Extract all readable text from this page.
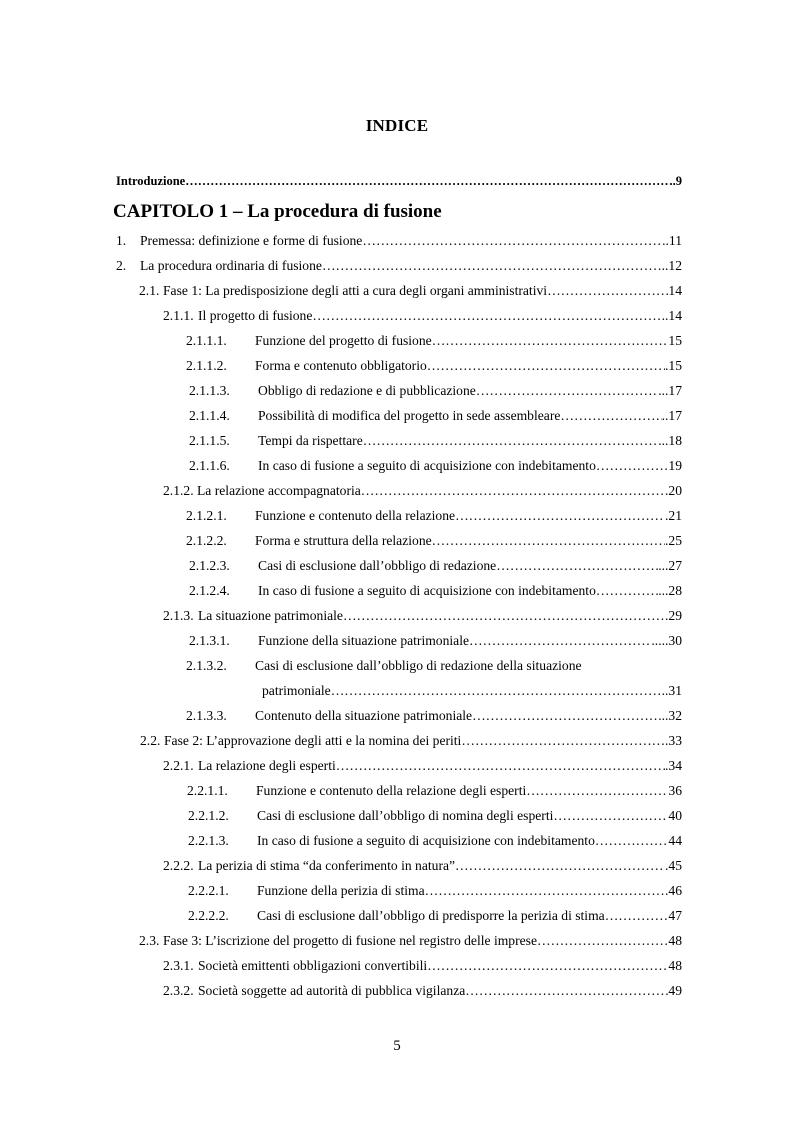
INDICE
Introduzione ……………………………………………………………………………………………………………………………………………………………………………	..9
CAPITOLO 1 – La procedura di fusione
1.	Premessa: definizione e forme di fusione ……………………………………………………………………………………………………………………………………………………………………………	..11
2.	La procedura ordinaria di fusione ……………………………………………………………………………………………………………………………………………………………………………	..12
2.1. Fase 1: La predisposizione degli atti a cura degli organi amministrativi ……………………………………………………………………………………………………………………………………………………………………………	14
2.1.1. Il progetto di fusione ……………………………………………………………………………………………………………………………………………………………………………	..14
2.1.1.1.	Funzione del progetto di fusione ……………………………………………………………………………………………………………………………………………………………………………	15
2.1.1.2.	Forma e contenuto obbligatorio ……………………………………………………………………………………………………………………………………………………………………………	.15
2.1.1.3.	Obbligo di redazione e di pubblicazione ……………………………………………………………………………………………………………………………………………………………………………	...17
2.1.1.4.	Possibilità di modifica del progetto in sede assembleare ……………………………………………………………………………………………………………………………………………………………………………	..17
2.1.1.5.	Tempi da rispettare ……………………………………………………………………………………………………………………………………………………………………………	...18
2.1.1.6.	In caso di fusione a seguito di acquisizione con indebitamento ……………………………………………………………………………………………………………………………………………………………………………	19
2.1.2. La relazione accompagnatoria ……………………………………………………………………………………………………………………………………………………………………………	.20
2.1.2.1.	Funzione e contenuto della relazione ……………………………………………………………………………………………………………………………………………………………………………	.21
2.1.2.2.	Forma e struttura della relazione ……………………………………………………………………………………………………………………………………………………………………………	.25
2.1.2.3.	Casi di esclusione dall’obbligo di redazione ……………………………………………………………………………………………………………………………………………………………………………	...27
2.1.2.4.	In caso di fusione a seguito di acquisizione con indebitamento ……………………………………………………………………………………………………………………………………………………………………………	...28
2.1.3. La situazione patrimoniale ……………………………………………………………………………………………………………………………………………………………………………	.29
2.1.3.1.	Funzione della situazione patrimoniale ……………………………………………………………………………………………………………………………………………………………………………	.....30
2.1.3.2.	Casi di esclusione dall’obbligo di redazione della situazione
patrimoniale ……………………………………………………………………………………………………………………………………………………………………………	..31
2.1.3.3.	Contenuto della situazione patrimoniale ……………………………………………………………………………………………………………………………………………………………………………	...32
2.2. Fase 2: L’approvazione degli atti e la nomina dei periti ……………………………………………………………………………………………………………………………………………………………………………	.33
2.2.1. La relazione degli esperti ……………………………………………………………………………………………………………………………………………………………………………	.34
2.2.1.1.	Funzione e contenuto della relazione degli esperti ……………………………………………………………………………………………………………………………………………………………………………	36
2.2.1.2.	Casi di esclusione dall’obbligo di nomina degli esperti ……………………………………………………………………………………………………………………………………………………………………………	40
2.2.1.3.	In caso di fusione a seguito di acquisizione con indebitamento ……………………………………………………………………………………………………………………………………………………………………………	44
2.2.2. La perizia di stima “da conferimento in natura” ……………………………………………………………………………………………………………………………………………………………………………	.45
2.2.2.1.	Funzione della perizia di stima ……………………………………………………………………………………………………………………………………………………………………………	.46
2.2.2.2.	Casi di esclusione dall’obbligo di predisporre la perizia di stima ……………………………………………………………………………………………………………………………………………………………………………	47
2.3. Fase 3: L’iscrizione del progetto di fusione nel registro delle imprese ……………………………………………………………………………………………………………………………………………………………………………	48
2.3.1. Società emittenti obbligazioni convertibili ……………………………………………………………………………………………………………………………………………………………………………	48
2.3.2. Società soggette ad autorità di pubblica vigilanza ……………………………………………………………………………………………………………………………………………………………………………	49
5
